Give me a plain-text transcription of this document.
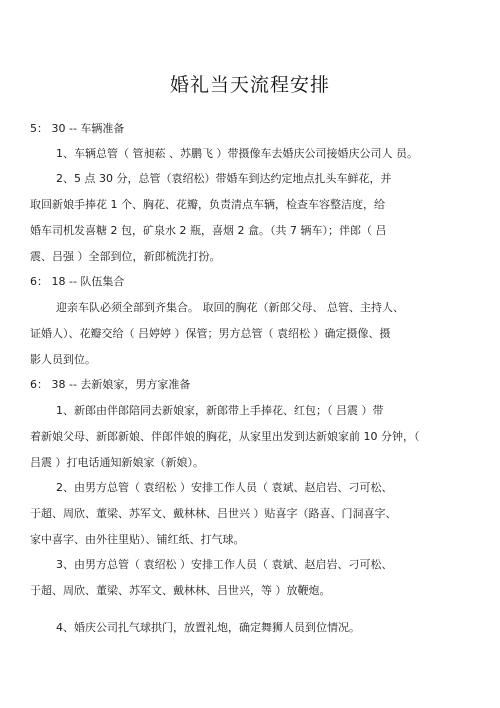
婚礼当天流程安排
5： 30 -- 车辆准备
1、车辆总管（ 管昶菘 、苏鹏飞 ）带摄像车去婚庆公司接婚庆公司人 员。
2、5 点 30 分，总管（袁绍松）带婚车到达约定地点扎头车鲜花，并
取回新娘手捧花 1 个、胸花、花瓣，负责清点车辆，检查车容整洁度，给
婚车司机发喜糖 2 包，矿泉水 2 瓶，喜烟 2 盒。（共 7 辆车）；伴郎（ 吕
震、吕强 ）全部到位，新郎梳洗打扮。
6： 18 -- 队伍集合
迎亲车队必须全部到齐集合。 取回的胸花（新郎父母、 总管、主持人、
证婚人）、花瓣交给（ 吕婷婷 ）保管；男方总管（ 袁绍松 ）确定摄像、摄
影人员到位。
6： 38 -- 去新娘家，男方家准备
1、新郎由伴郎陪同去新娘家，新郎带上手捧花、红包；（ 吕震 ）带
着新娘父母、新郎新娘、伴郎伴娘的胸花，从家里出发到达新娘家前 10 分钟，（
吕震 ）打电话通知新娘家（新娘）。
2、由男方总管（ 袁绍松 ）安排工作人员（ 袁斌、赵启岩、刁可松、
于超、周欣、董梁、苏军文、戴林林、吕世兴 ）贴喜字（路喜、门洞喜字、
家中喜字、由外往里贴）、铺红纸、打气球。
3、由男方总管（ 袁绍松 ）安排工作人员（ 袁斌、赵启岩、刁可松、
于超、周欣、董梁、苏军文、戴林林、吕世兴，等 ）放鞭炮。
4、婚庆公司扎气球拱门，放置礼炮，确定舞狮人员到位情况。
